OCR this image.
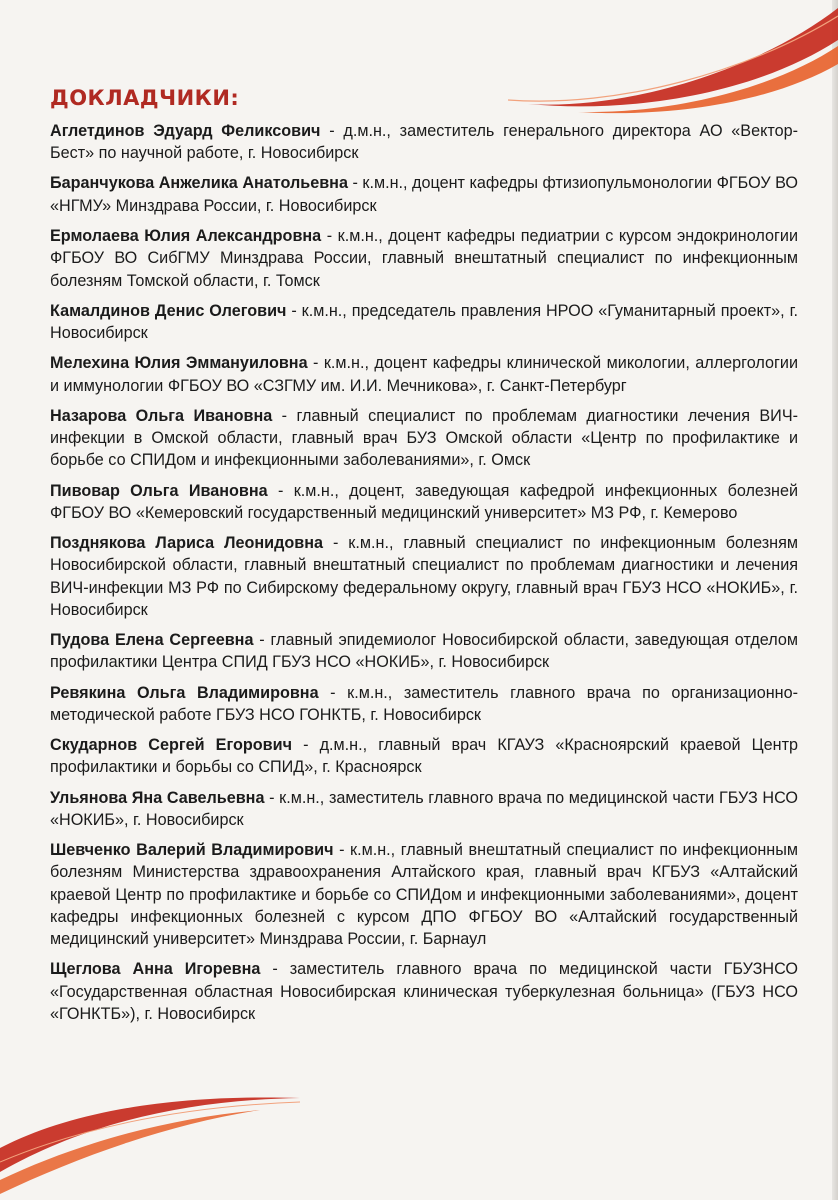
ДОКЛАДЧИКИ:
Аглетдинов Эдуард Феликсович - д.м.н., заместитель генерального директора АО «Вектор-Бест» по научной работе, г. Новосибирск
Баранчукова Анжелика Анатольевна - к.м.н., доцент кафедры фтизиопульмонологии ФГБОУ ВО «НГМУ» Минздрава России, г. Новосибирск
Ермолаева Юлия Александровна - к.м.н., доцент кафедры педиатрии с курсом эндокринологии ФГБОУ ВО СибГМУ Минздрава России, главный внештатный специалист по инфекционным болезням Томской области, г. Томск
Камалдинов Денис Олегович - к.м.н., председатель правления НРОО «Гуманитарный проект», г. Новосибирск
Мелехина Юлия Эммануиловна - к.м.н., доцент кафедры клинической микологии, аллергологии и иммунологии ФГБОУ ВО «СЗГМУ им. И.И. Мечникова», г. Санкт-Петербург
Назарова Ольга Ивановна - главный специалист по проблемам диагностики лечения ВИЧ-инфекции в Омской области, главный врач БУЗ Омской области «Центр по профилактике и борьбе со СПИДом и инфекционными заболеваниями», г. Омск
Пивовар Ольга Ивановна - к.м.н., доцент, заведующая кафедрой инфекционных болезней ФГБОУ ВО «Кемеровский государственный медицинский университет» МЗ РФ, г. Кемерово
Позднякова Лариса Леонидовна - к.м.н., главный специалист по инфекционным болезням Новосибирской области, главный внештатный специалист по проблемам диагностики и лечения ВИЧ-инфекции МЗ РФ по Сибирскому федеральному округу, главный врач ГБУЗ НСО «НОКИБ», г. Новосибирск
Пудова Елена Сергеевна - главный эпидемиолог Новосибирской области, заведующая отделом профилактики Центра СПИД ГБУЗ НСО «НОКИБ», г. Новосибирск
Ревякина Ольга Владимировна - к.м.н., заместитель главного врача по организационно-методической работе ГБУЗ НСО ГОНКТБ, г. Новосибирск
Скударнов Сергей Егорович - д.м.н., главный врач КГАУЗ «Красноярский краевой Центр профилактики и борьбы со СПИД», г. Красноярск
Ульянова Яна Савельевна - к.м.н., заместитель главного врача по медицинской части ГБУЗ НСО «НОКИБ», г. Новосибирск
Шевченко Валерий Владимирович - к.м.н., главный внештатный специалист по инфекционным болезням Министерства здравоохранения Алтайского края, главный врач КГБУЗ «Алтайский краевой Центр по профилактике и борьбе со СПИДом и инфекционными заболеваниями», доцент кафедры инфекционных болезней с курсом ДПО ФГБОУ ВО «Алтайский государственный медицинский университет» Минздрава России, г. Барнаул
Щеглова Анна Игоревна - заместитель главного врача по медицинской части ГБУЗНСО «Государственная областная Новосибирская клиническая туберкулезная больница» (ГБУЗ НСО «ГОНКТБ»), г. Новосибирск
